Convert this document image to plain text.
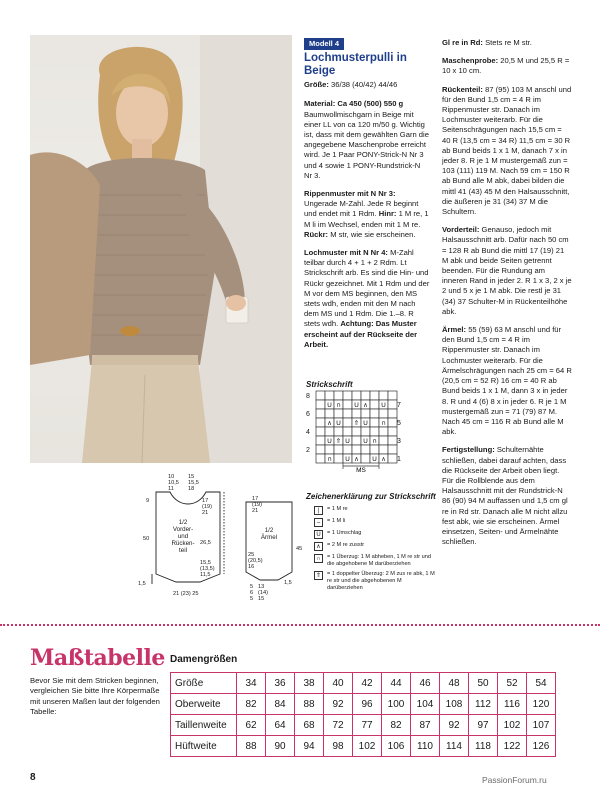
Modell 4
Lochmusterpulli in Beige
Größe: 36/38 (40/42) 44/46

Material: Ca 450 (500) 550 g
Baumwollmischgarn in Beige mit einer LL von ca 120 m/50 g. Wichtig ist, dass mit dem gewählten Garn die angegebene Maschenprobe erreicht wird. Je 1 Paar PONY-Strick-N Nr 3 und 4 sowie 1 PONY-Rundstrick-N Nr 3.

Rippenmuster mit N Nr 3: Ungerade M-Zahl. Jede R beginnt und endet mit 1 Rdm. Hinr: 1 M re, 1 M li im Wechsel, enden mit 1 M re. Rückr: M str, wie sie erscheinen.

Lochmuster mit N Nr 4: M-Zahl teilbar durch 4 + 1 + 2 Rdm. Lt Strickschrift arb. Es sind die Hin- und Rückr gezeichnet. Mit 1 Rdm und der M vor dem MS beginnen, den MS stets wdh, enden mit den M nach dem MS und 1 Rdm. Die 1.–8. R stets wdh. Achtung: Das Muster erscheint auf der Rückseite der Arbeit.

Gl re in Rd: Stets re M str.

Maschenprobe: 20,5 M und 25,5 R = 10 x 10 cm.

Rückenteil: 87 (95) 103 M anschl und für den Bund 1,5 cm = 4 R im Rippenmuster str. Danach im Lochmuster weiterarb. Für die Seitenschrägungen nach 15,5 cm = 40 R (13,5 cm = 34 R) 11,5 cm = 30 R ab Bund beids 1 x 1 M, danach 7 x in jeder 8. R je 1 M mustergemäß zun = 103 (111) 119 M. Nach 59 cm = 150 R ab Bund alle M abk, dabei bilden die mittl 41 (43) 45 M den Halsausschnitt, die äußeren je 31 (34) 37 M die Schultern.

Vorderteil: Genauso, jedoch mit Halsausschnitt arb. Dafür nach 50 cm = 128 R ab Bund die mittl 17 (19) 21 M abk und beide Seiten getrennt beenden. Für die Rundung am inneren Rand in jeder 2. R 1 x 3, 2 x je 2 und 5 x je 1 M abk. Die restl je 31 (34) 37 Schulter-M in Rückenteilhöhe abk.

Ärmel: 55 (59) 63 M anschl und für den Bund 1,5 cm = 4 R im Rippenmuster str. Danach im Lochmuster weiterarb. Für die Ärmelschrägungen nach 25 cm = 64 R (20,5 cm = 52 R) 16 cm = 40 R ab Bund beids 1 x 1 M, dann 3 x in jeder 8. R und 4 (6) 8 x in jeder 6. R je 1 M mustergemäß zun = 71 (79) 87 M. Nach 45 cm = 116 R ab Bund alle M abk.

Fertigstellung: Schulternähte schließen, dabei darauf achten, dass die Rückseite der Arbeit oben liegt. Für die Rollblende aus dem Halsausschnitt mit der Rundstrick-N 86 (90) 94 M auffassen und 1,5 cm gl re in Rd str. Danach alle M nicht allzu fest abk, wie sie erscheinen. Ärmel einsetzen, Seiten- und Ärmelnähte schließen.

Strickschrift
8
6
4
2
7
5
3
1
U ∩ U ∧ U
∧ U ⇑ U ∩
U ⇑ U U ∩
∩ U ∧ U ∧
MS
Zeichenerklärung zur Strickschrift
|	= 1 M re
–	= 1 M li
U	= 1 Umschlag
∧	= 2 M re zusstr
∩	= 1 Überzug: 1 M abheben, 1 M re str und die abgehobene M darüberziehen
⇑	= 1 doppelter Überzug: 2 M zus re abk, 1 M re str und die abgehobenen M darüberziehen
10
10,5
11
15
15,5
18
17
(19)
21
26,5
9
50
15,5
(13,5)
11,5
21 (23) 25
1,5
17
(19)
21
45
25
(20,5)
16
13
(14)
15
5
6
5
1,5
1/2
Vorder-
und
Rücken-
teil
1/2
Ärmel
Maßtabelle
Bevor Sie mit dem Stricken beginnen, vergleichen Sie bitte Ihre Körpermaße mit unseren Maßen laut der folgenden Tabelle:
Damengrößen
Größe	34	36	38	40	42	44	46	48	50	52	54
Oberweite	82	84	88	92	96	100	104	108	112	116	120
Taillenweite	62	64	68	72	77	82	87	92	97	102	107
Hüftweite	88	90	94	98	102	106	110	114	118	122	126
8	PassionForum.ru
